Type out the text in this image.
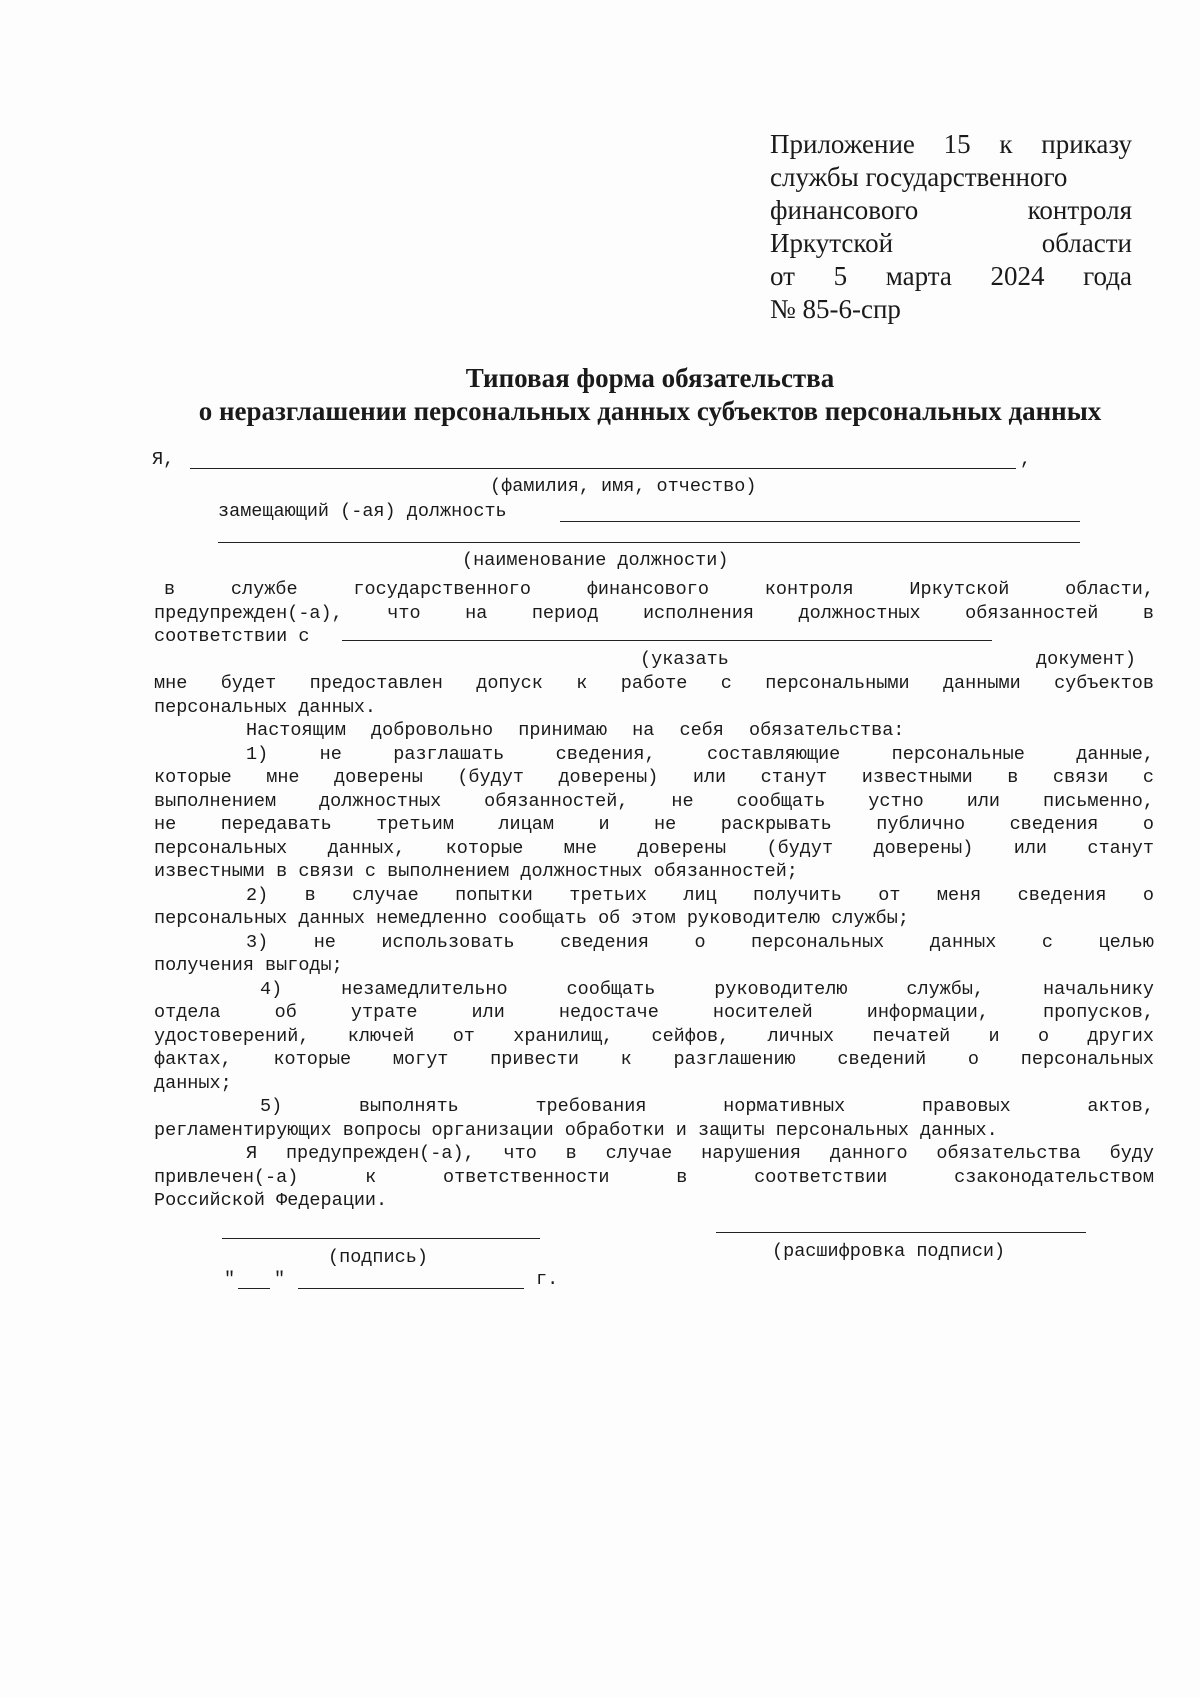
Приложение 15 к приказу
службы государственного
финансового контроля
Иркутской области
от 5 марта 2024 года
№ 85-6-спр
Типовая форма обязательства
о неразглашении персональных данных субъектов персональных данных
Я,	,
(фамилия, имя, отчество)
замещающий (-ая) должность
(наименование должности)
в службе государственного финансового контроля Иркутской области,
предупрежден(-а), что на период исполнения должностных обязанностей в
соответствии с
мне будет предоставлен допуск к работе с персональными данными субъектов
персональных данных.
Настоящим добровольно принимаю на себя обязательства:
1) не разглашать сведения, составляющие персональные данные,
которые мне доверены (будут доверены) или станут известными в связи с
выполнением должностных обязанностей, не сообщать устно или письменно,
не передавать третьим лицам и не раскрывать публично сведения о
персональных данных, которые мне доверены (будут доверены) или станут
известными в связи с выполнением должностных обязанностей;
2) в случае попытки третьих лиц получить от меня сведения о
персональных данных немедленно сообщать об этом руководителю службы;
3) не использовать сведения о персональных данных с целью
получения выгоды;
4) незамедлительно сообщать руководителю службы, начальнику
отдела об утрате или недостаче носителей информации, пропусков,
удостоверений, ключей от хранилищ, сейфов, личных печатей и о других
фактах, которые могут привести к разглашению сведений о персональных
данных;
5) выполнять требования нормативных правовых актов,
регламентирующих вопросы организации обработки и защиты персональных данных.
Я предупрежден(-а), что в случае нарушения данного обязательства буду
привлечен(-а) к ответственности в соответствии сзаконодательством
Российской Федерации.
(указать	документ)
(подпись)	(расшифровка подписи)
" "	г.
